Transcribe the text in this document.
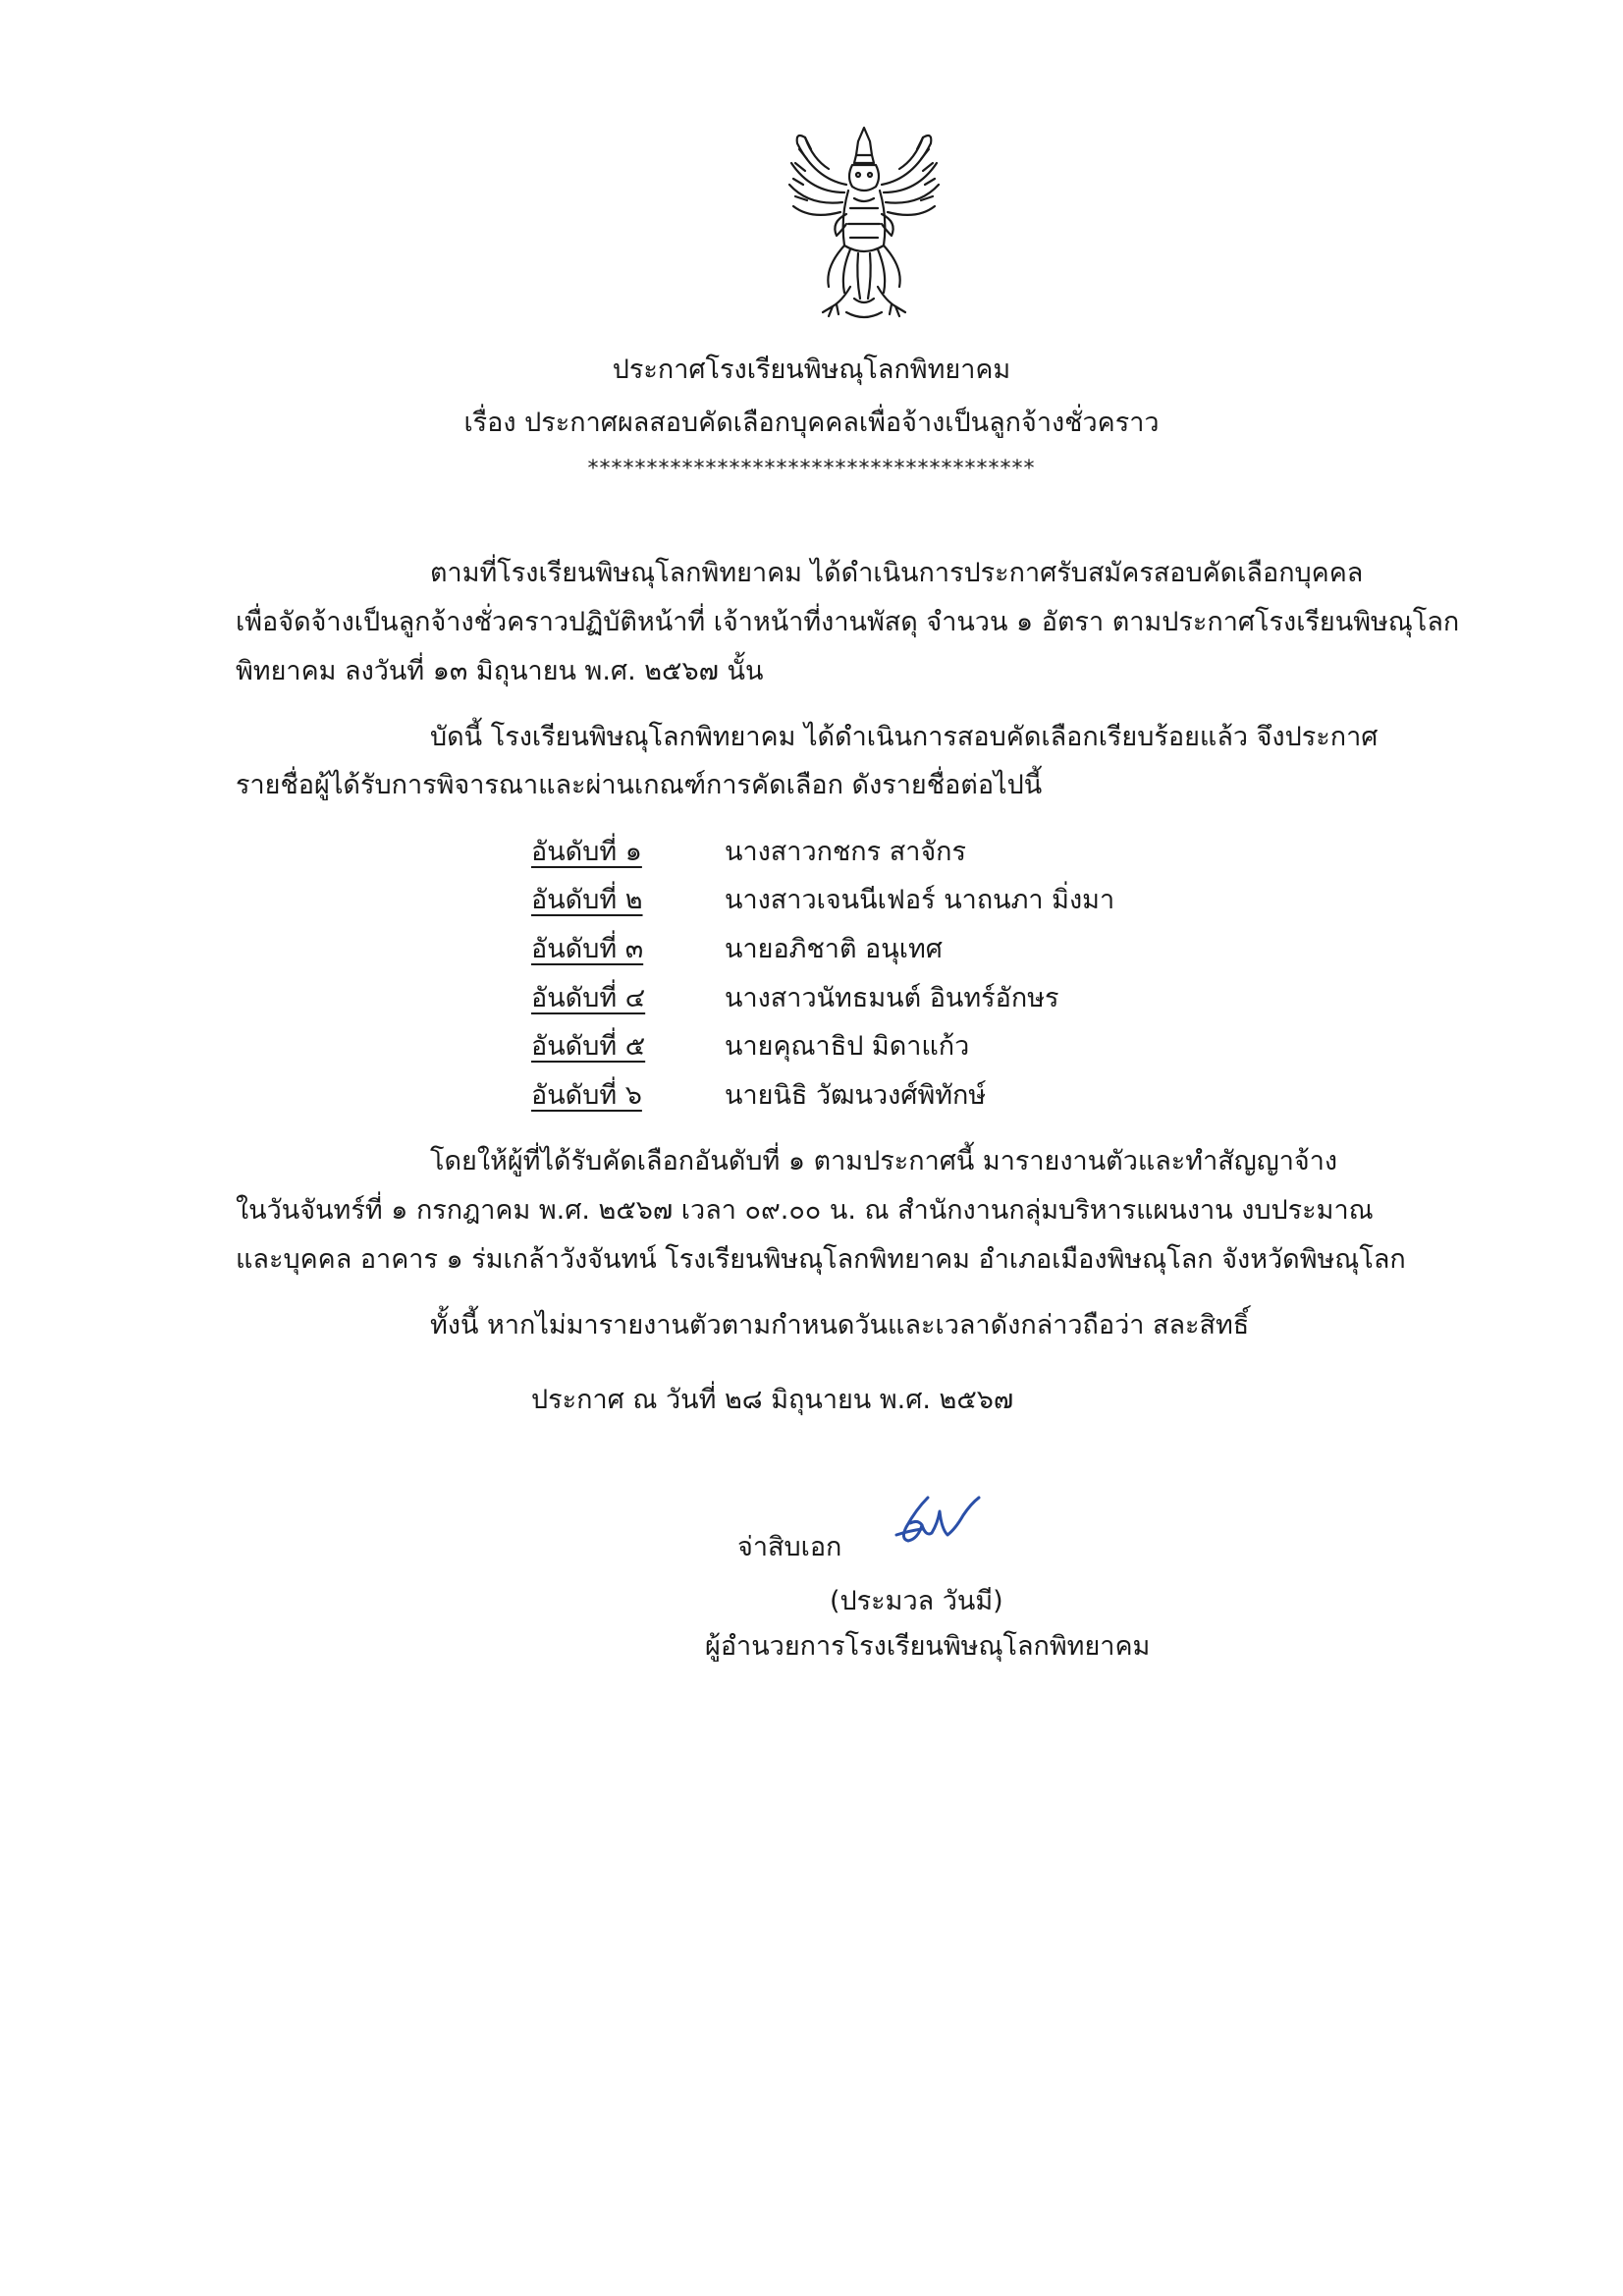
ประกาศโรงเรียนพิษณุโลกพิทยาคม
เรื่อง ประกาศผลสอบคัดเลือกบุคคลเพื่อจ้างเป็นลูกจ้างชั่วคราว
**************************************
ตามที่โรงเรียนพิษณุโลกพิทยาคม ได้ดำเนินการประกาศรับสมัครสอบคัดเลือกบุคคล
เพื่อจัดจ้างเป็นลูกจ้างชั่วคราวปฏิบัติหน้าที่ เจ้าหน้าที่งานพัสดุ จำนวน ๑ อัตรา ตามประกาศโรงเรียนพิษณุโลก
พิทยาคม ลงวันที่ ๑๓ มิถุนายน พ.ศ. ๒๕๖๗ นั้น
บัดนี้ โรงเรียนพิษณุโลกพิทยาคม ได้ดำเนินการสอบคัดเลือกเรียบร้อยแล้ว จึงประกาศ
รายชื่อผู้ได้รับการพิจารณาและผ่านเกณฑ์การคัดเลือก ดังรายชื่อต่อไปนี้
อันดับที่ ๑	นางสาวกชกร สาจักร
อันดับที่ ๒	นางสาวเจนนีเฟอร์ นาถนภา มิ่งมา
อันดับที่ ๓	นายอภิชาติ อนุเทศ
อันดับที่ ๔	นางสาวนัทธมนต์ อินทร์อักษร
อันดับที่ ๕	นายคุณาธิป มิดาแก้ว
อันดับที่ ๖	นายนิธิ วัฒนวงศ์พิทักษ์
โดยให้ผู้ที่ได้รับคัดเลือกอันดับที่ ๑ ตามประกาศนี้ มารายงานตัวและทำสัญญาจ้าง
ในวันจันทร์ที่ ๑ กรกฎาคม พ.ศ. ๒๕๖๗ เวลา ๐๙.๐๐ น. ณ สำนักงานกลุ่มบริหารแผนงาน งบประมาณ
และบุคคล อาคาร ๑ ร่มเกล้าวังจันทน์ โรงเรียนพิษณุโลกพิทยาคม อำเภอเมืองพิษณุโลก จังหวัดพิษณุโลก
ทั้งนี้ หากไม่มารายงานตัวตามกำหนดวันและเวลาดังกล่าวถือว่า สละสิทธิ์
ประกาศ ณ วันที่ ๒๘ มิถุนายน พ.ศ. ๒๕๖๗
จ่าสิบเอก
(ประมวล วันมี)
ผู้อำนวยการโรงเรียนพิษณุโลกพิทยาคม
